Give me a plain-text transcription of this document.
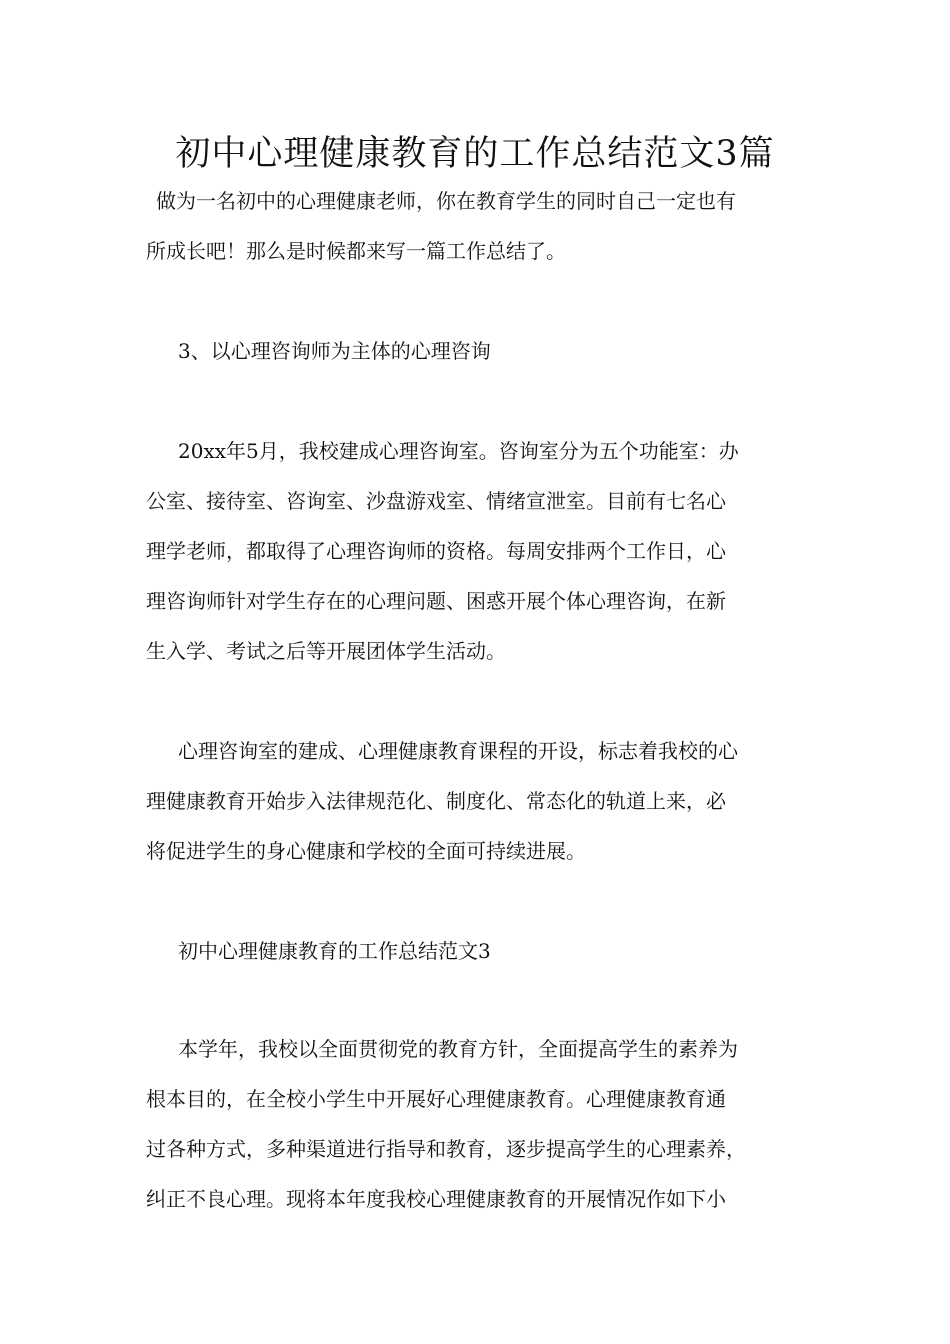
初中心理健康教育的工作总结范文3篇
做为一名初中的心理健康老师，你在教育学生的同时自己一定也有
所成长吧！那么是时候都来写一篇工作总结了。
3、以心理咨询师为主体的心理咨询
20xx年5月，我校建成心理咨询室。咨询室分为五个功能室：办
公室、接待室、咨询室、沙盘游戏室、情绪宣泄室。目前有七名心
理学老师，都取得了心理咨询师的资格。每周安排两个工作日，心
理咨询师针对学生存在的心理问题、困惑开展个体心理咨询，在新
生入学、考试之后等开展团体学生活动。
心理咨询室的建成、心理健康教育课程的开设，标志着我校的心
理健康教育开始步入法律规范化、制度化、常态化的轨道上来，必
将促进学生的身心健康和学校的全面可持续进展。
初中心理健康教育的工作总结范文3
本学年，我校以全面贯彻党的教育方针，全面提高学生的素养为
根本目的，在全校小学生中开展好心理健康教育。心理健康教育通
过各种方式，多种渠道进行指导和教育，逐步提高学生的心理素养，
纠正不良心理。现将本年度我校心理健康教育的开展情况作如下小
